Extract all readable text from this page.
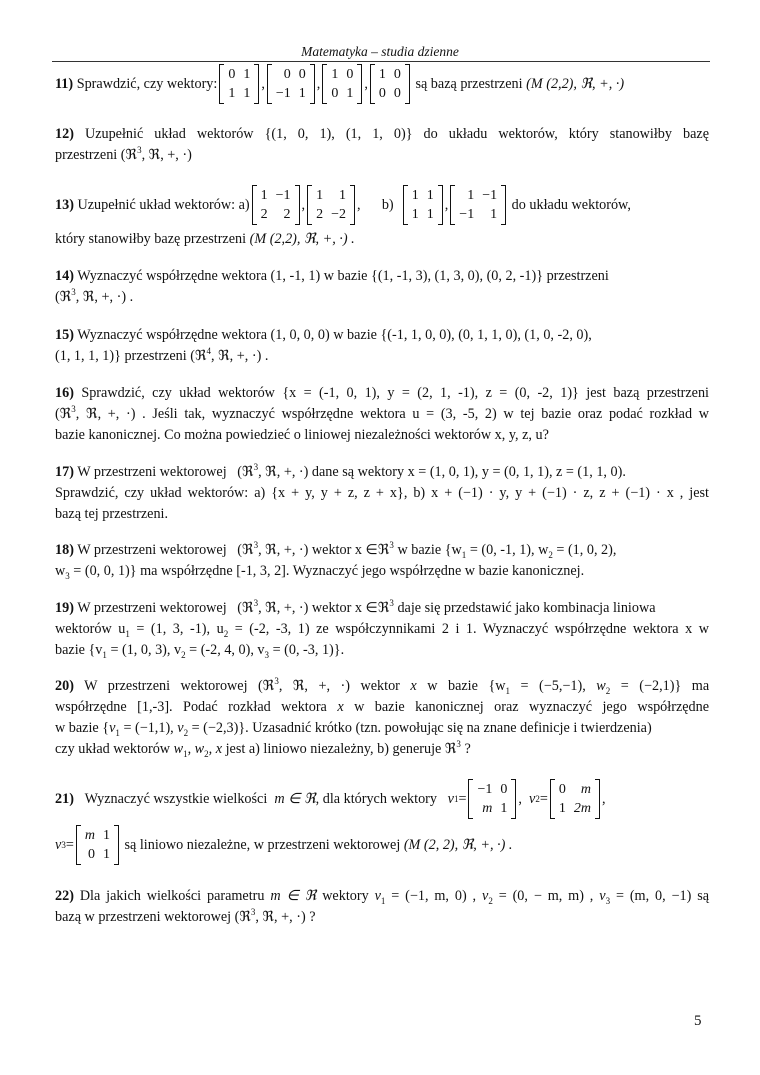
Matematyka – studia dzienne
11)
Sprawdzić, czy wektory:
0	1
1	1
,
0	0
−1	1
,
1	0
0	1
,
1	0
0	0

są bazą przestrzeni
(M (2,2), ℜ, +, ·)
12) Uzupełnić układ wektorów {(1, 0, 1), (1, 1, 0)} do układu wektorów, który stanowiłby bazę
przestrzeni (ℜ$^3$, ℜ, +, ·)
13)
Uzupełnić układ wektorów: a)
1	−1
2	2
,
1	1
2	−2
, b)

1	1
1	1
,
1	−1
−1	1

do układu wektorów,
który stanowiłby bazę przestrzeni (M (2,2), ℜ, +, ·) .
14) Wyznaczyć współrzędne wektora (1, -1, 1) w bazie {(1, -1, 3), (1, 3, 0), (0, 2, -1)} przestrzeni
(ℜ$^3$, ℜ, +, ·) .
15) Wyznaczyć współrzędne wektora (1, 0, 0, 0) w bazie {(-1, 1, 0, 0), (0, 1, 1, 0), (1, 0, -2, 0),
(1, 1, 1, 1)} przestrzeni (ℜ$^4$, ℜ, +, ·) .
16) Sprawdzić, czy układ wektorów {x = (-1, 0, 1), y = (2, 1, -1), z = (0, -2, 1)} jest bazą przestrzeni
(ℜ$^3$, ℜ, +, ·) . Jeśli tak, wyznaczyć współrzędne wektora u = (3, -5, 2) w tej bazie oraz podać rozkład w
bazie kanonicznej. Co można powiedzieć o liniowej niezależności wektorów x, y, z, u?
17) W przestrzeni wektorowej (ℜ$^3$, ℜ, +, ·) dane są wektory x = (1, 0, 1), y = (0, 1, 1), z = (1, 1, 0).
Sprawdzić, czy układ wektorów: a) {x + y, y + z, z + x}, b) x + (−1) · y, y + (−1) · z, z + (−1) · x , jest
bazą tej przestrzeni.
18) W przestrzeni wektorowej (ℜ$^3$, ℜ, +, ·) wektor x ∈ℜ$^3$ w bazie {$w_1 = (0$, -1, 1), $w_2 = (1$, 0, 2),
$w_3 = (0$, 0, 1)} ma współrzędne [-1, 3, 2]. Wyznaczyć jego współrzędne w bazie kanonicznej.
19) W przestrzeni wektorowej (ℜ$^3$, ℜ, +, ·) wektor x ∈ℜ$^3$ daje się przedstawić jako kombinacja liniowa
wektorów $u_1 = (1$, 3, -1), $u_2 = (-2$, -3, 1) ze współczynnikami 2 i 1. Wyznaczyć współrzędne wektora x w
bazie {$v_1 = (1$, 0, 3), $v_2 = (-2$, 4, 0), $v_3 = (0$, -3, 1)}.
20) W przestrzeni wektorowej (ℜ$^3$, ℜ, +, ·) wektor x w bazie {$w_1 = (-5,-1)$, $w_2 = (-2,1)$} ma
współrzędne [1,-3]. Podać rozkład wektora x w bazie kanonicznej oraz wyznaczyć jego współrzędne
w bazie {$v_1 = (-1,1)$, $v_2 = (-2,3)$}. Uzasadnić krótko (tzn. powołując się na znane definicje i twierdzenia)
czy układ wektorów $w_1$, $w_2$, x jest a) liniowo niezależny, b) generuje ℜ$^3$ ?
21)
Wyznaczyć wszystkie wielkości
m ∈ ℜ , dla których wektory
v 1 =
−1	0
m	1
, v 2 =
0	m
1	2m
,
v 3 =
m	1
0	1

są liniowo niezależne, w przestrzeni wektorowej
(M (2, 2), ℜ, +, ·) .
22) Dla jakich wielkości parametru m ∈ ℜ wektory $v_1 = (-1$, m, 0) , $v_2 = (0$, − m, m) , $v_3 = (m$, 0, −1) są
bazą w przestrzeni wektorowej (ℜ$^3$, ℜ, +, ·) ?
5
